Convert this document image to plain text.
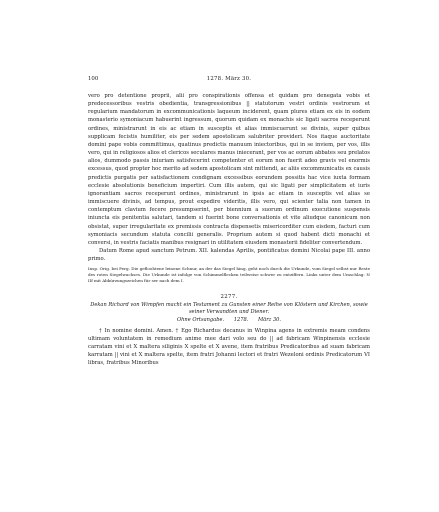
100	1278. März 30.

vero pro detentione proprii, alii pro conspirationis offensa et quidam pro denegata vobis et predecessoribus vestris obedientia, transgressionibus || statutorum vestri ordinis vestrorum et regularium mandatorum in excommunicationis laqueum inciderent, quam plures etiam ex eis in eodem monasterio symoniacum habuerint ingressum, quorum quidam ex monachis sic ligati sacros receperunt ordines, ministrarunt in eis ac etiam in susceptis et alias immiscuerunt se divinis, super quibus supplicam fecistis humiliter, eis per sedem apostolicam salubriter provideri. Nos itaque auctoritate domini pape vobis committimus, quatinus predictis manuum iniectoribus, qui in se inviem, per vos, illis vero, qui in religiosos alios et clericos seculares manus iniecerant, per vos ac eorum abbates seu prelatos alios, dummodo passis iniuriam satisfecerint competenter et eorum non fuerit adeo gravis vel enormis excessus, quod propter hoc merito ad sedem apostolicam sint mittendi, ac aliis excommunicatis ex causis predictis purgatis per satisfactionem condignam excessibus eorundem possitis hac vice iuxta formam ecclesie absolutionis beneficium impertiri. Cum illis autem, qui sic ligati per simplicitatem et iuris ignorantiam sacros receperunt ordines, ministrarunt in ipsis ac etiam in susceptis vel alias se immiscuere divinis, ad tempus, prout expedire videritis, illis vero, qui scienter talia non tamen in contemptum clavium fecere presumpserint, per biennium a suorum ordinum executione suspensis iniuncta eis penitentia salutari, tandem si fuerint bone conversationis et vite aliudque canonicum non obsistat, super irregularitate ex premissis contracta dispensetis misericorditer cum eisdem, facturi cum symoniacis secundum statuta concilii generalis. Proprium autem si quod habent dicti monachi et conversi, in vestris faciatis manibus resignari in utilitatem eiusdem monasterii fideliter convertendum.

Datum Rome apud sanctum Petrum. XII. kalendas Aprilis, pontificatus domini Nicolai pape III. anno primo.

Insp. Orig. bei Perg. Die gefloohtene leinene Schnur, an der das Siegel hing, geht noch durch die Urkunde, vom Siegel selbst nur Reste des roten Siegelwachses. Die Urkunde ist infolge von Schimmelflecken teilweise schwer zu entziffern. Links unter dem Umschlag: N IIf mit Abkürzungszeichen für ser nach dem I.
2277.
Dekan Richard von Wimpfen macht ein Testament zu Gunsten einer Reihe von Klöstern und Kirchen, sowie seiner Verwandten und Diener.
Ohne Ortsangabe. 1278. März 30.

† In nomine domini. Amen. † Ego Richardus decanus in Winpina agens in extremis meam condens ultimam voluntatem in remedium anime mee dari volo seu do || ad fabricam Winpinensis ecclesie carratam vini et X maltera siliginis X spelte et X avene, item fratribus Predicatoribus ad suam fabricam karratam || vini et X maltera spelte, item fratri Johanni lectori et fratri Wezeloni ordinis Predicatorum VI libras, fratribus Minoribus
